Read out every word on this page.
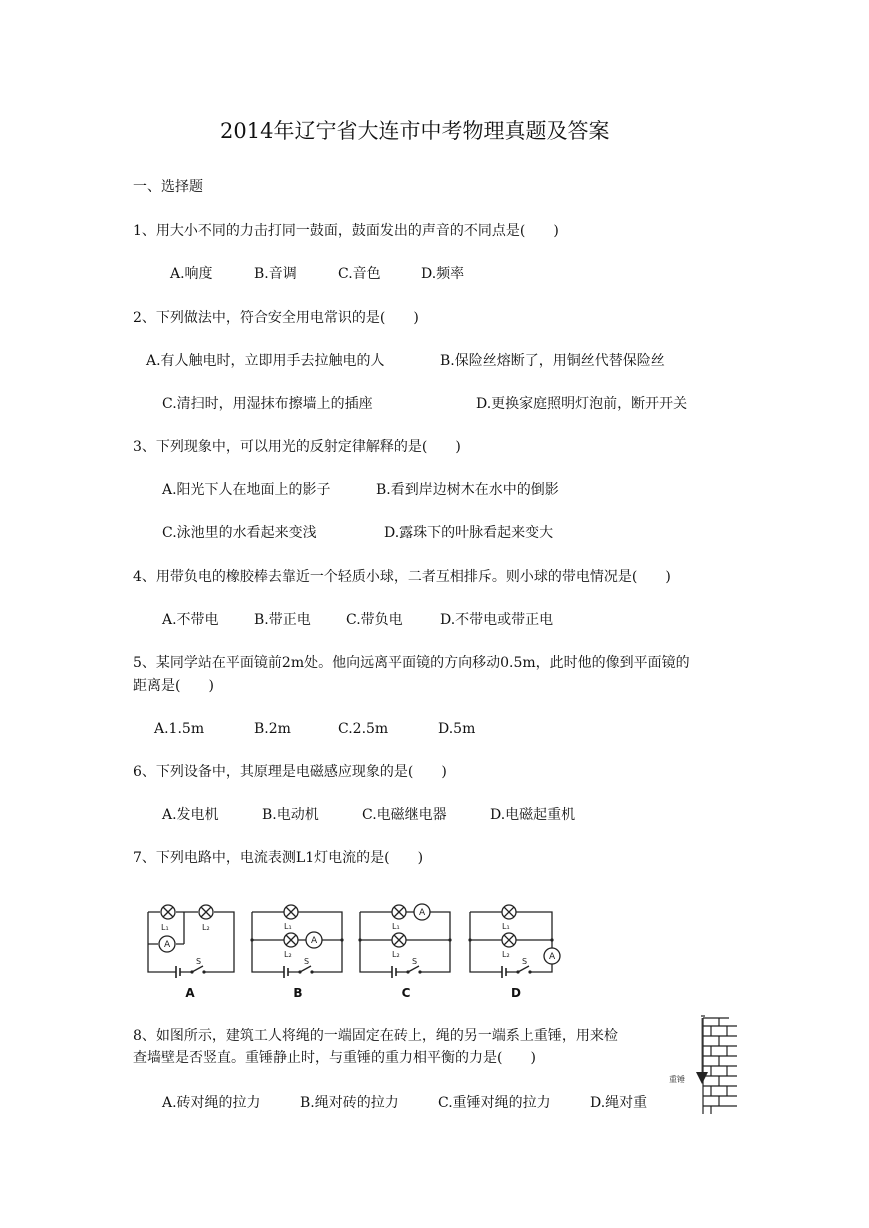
2014年辽宁省大连市中考物理真题及答案
一、选择题
1、用大小不同的力击打同一鼓面，鼓面发出的声音的不同点是(　　)
A.响度	B.音调	C.音色	D.频率
2、下列做法中，符合安全用电常识的是(　　)
A.有人触电时，立即用手去拉触电的人	B.保险丝熔断了，用铜丝代替保险丝
C.清扫时，用湿抹布擦墙上的插座	D.更换家庭照明灯泡前，断开开关
3、下列现象中，可以用光的反射定律解释的是(　　)
A.阳光下人在地面上的影子	B.看到岸边树木在水中的倒影
C.泳池里的水看起来变浅	D.露珠下的叶脉看起来变大
4、用带负电的橡胶棒去靠近一个轻质小球，二者互相排斥。则小球的带电情况是(　　)
A.不带电	B.带正电	C.带负电	D.不带电或带正电
5、某同学站在平面镜前2m处。他向远离平面镜的方向移动0.5m，此时他的像到平面镜的
距离是(　　)
A.1.5m	B.2m	C.2.5m	D.5m
6、下列设备中，其原理是电磁感应现象的是(　　)
A.发电机	B.电动机	C.电磁继电器	D.电磁起重机
7、下列电路中，电流表测L1灯电流的是(　　)
L₁	L₂
A
S
A
L₁
L₂
A
S
B
L₁
L₂
A
S
C
L₁
L₂	A
S
D
8、如图所示，建筑工人将绳的一端固定在砖上，绳的另一端系上重锤，用来检
查墙壁是否竖直。重锤静止时，与重锤的重力相平衡的力是(　　)
A.砖对绳的拉力	B.绳对砖的拉力	C.重锤对绳的拉力	D.绳对重
重锤
